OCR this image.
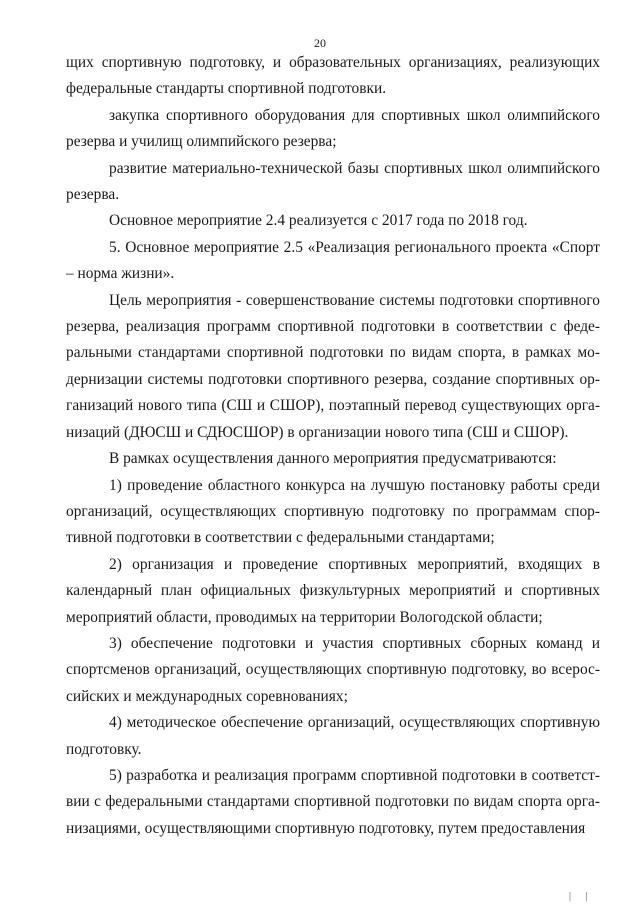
20

щих спортивную подготовку, и образовательных организациях, реализующих федеральные стандарты спортивной подготовки.

закупка спортивного оборудования для спортивных школ олимпийского резерва и училищ олимпийского резерва;

развитие материально-технической базы спортивных школ олимпийского резерва.

Основное мероприятие 2.4 реализуется с 2017 года по 2018 год.

5. Основное мероприятие 2.5 «Реализация регионального проекта «Спорт – норма жизни».

Цель мероприятия - совершенствование системы подготовки спортивного резерва, реализация программ спортивной подготовки в соответствии с федеральными стандартами спортивной подготовки по видам спорта, в рамках модернизации системы подготовки спортивного резерва, создание спортивных организаций нового типа (СШ и СШОР), поэтапный перевод существующих организаций (ДЮСШ и СДЮСШОР) в организации нового типа (СШ и СШОР).

В рамках осуществления данного мероприятия предусматриваются:

1) проведение областного конкурса на лучшую постановку работы среди организаций, осуществляющих спортивную подготовку по программам спортивной подготовки в соответствии с федеральными стандартами;

2) организация и проведение спортивных мероприятий, входящих в календарный план официальных физкультурных мероприятий и спортивных мероприятий области, проводимых на территории Вологодской области;

3) обеспечение подготовки и участия спортивных сборных команд и спортсменов организаций, осуществляющих спортивную подготовку, во всероссийских и международных соревнованиях;

4) методическое обеспечение организаций, осуществляющих спортивную подготовку.

5) разработка и реализация программ спортивной подготовки в соответствии с федеральными стандартами спортивной подготовки по видам спорта организациями, осуществляющими спортивную подготовку, путем предоставления

| |
